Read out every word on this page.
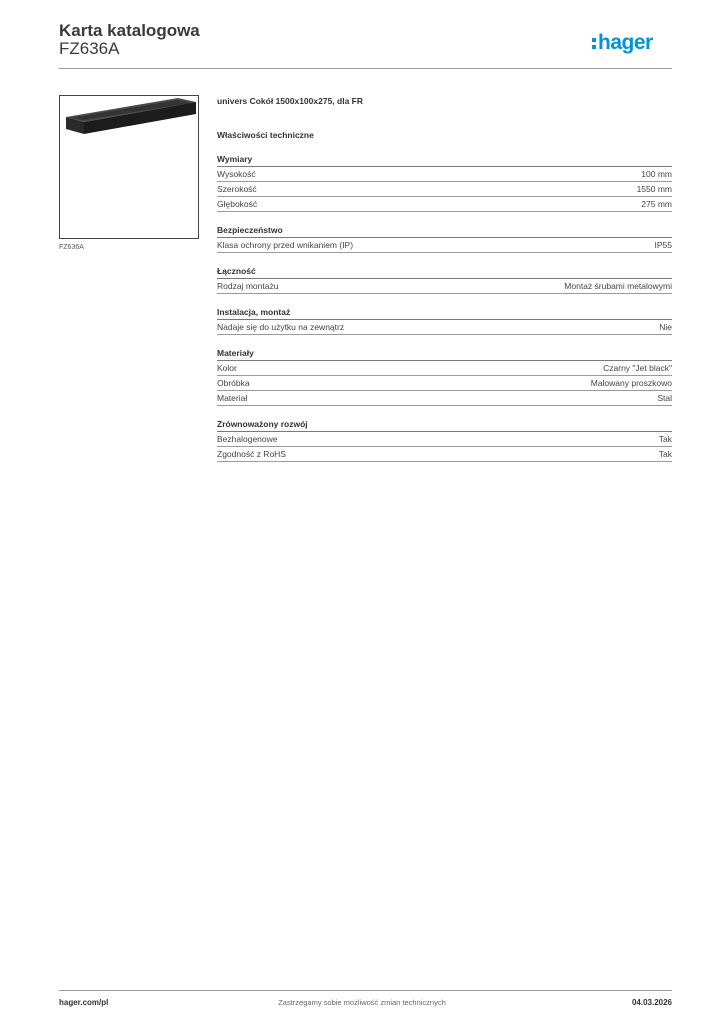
Karta katalogowa
FZ636A	hager
FZ636A
univers Cokół 1500x100x275, dla FR
Właściwości techniczne
Wymiary
Wysokość	100 mm
Szerokość	1550 mm
Głębokość	275 mm
Bezpieczeństwo
Klasa ochrony przed wnikaniem (IP)	IP55
Łączność
Rodzaj montażu	Montaż śrubami metalowymi
Instalacja, montaż
Nadaje się do użytku na zewnątrz	Nie
Materiały
Kolor	Czarny "Jet black"
Obróbka	Malowany proszkowo
Materiał	Stal
Zrównoważony rozwój
Bezhalogenowe	Tak
Zgodność z RoHS	Tak
hager.com/pl	Zastrzegamy sobie możliwość zmian technicznych	04.03.2026
